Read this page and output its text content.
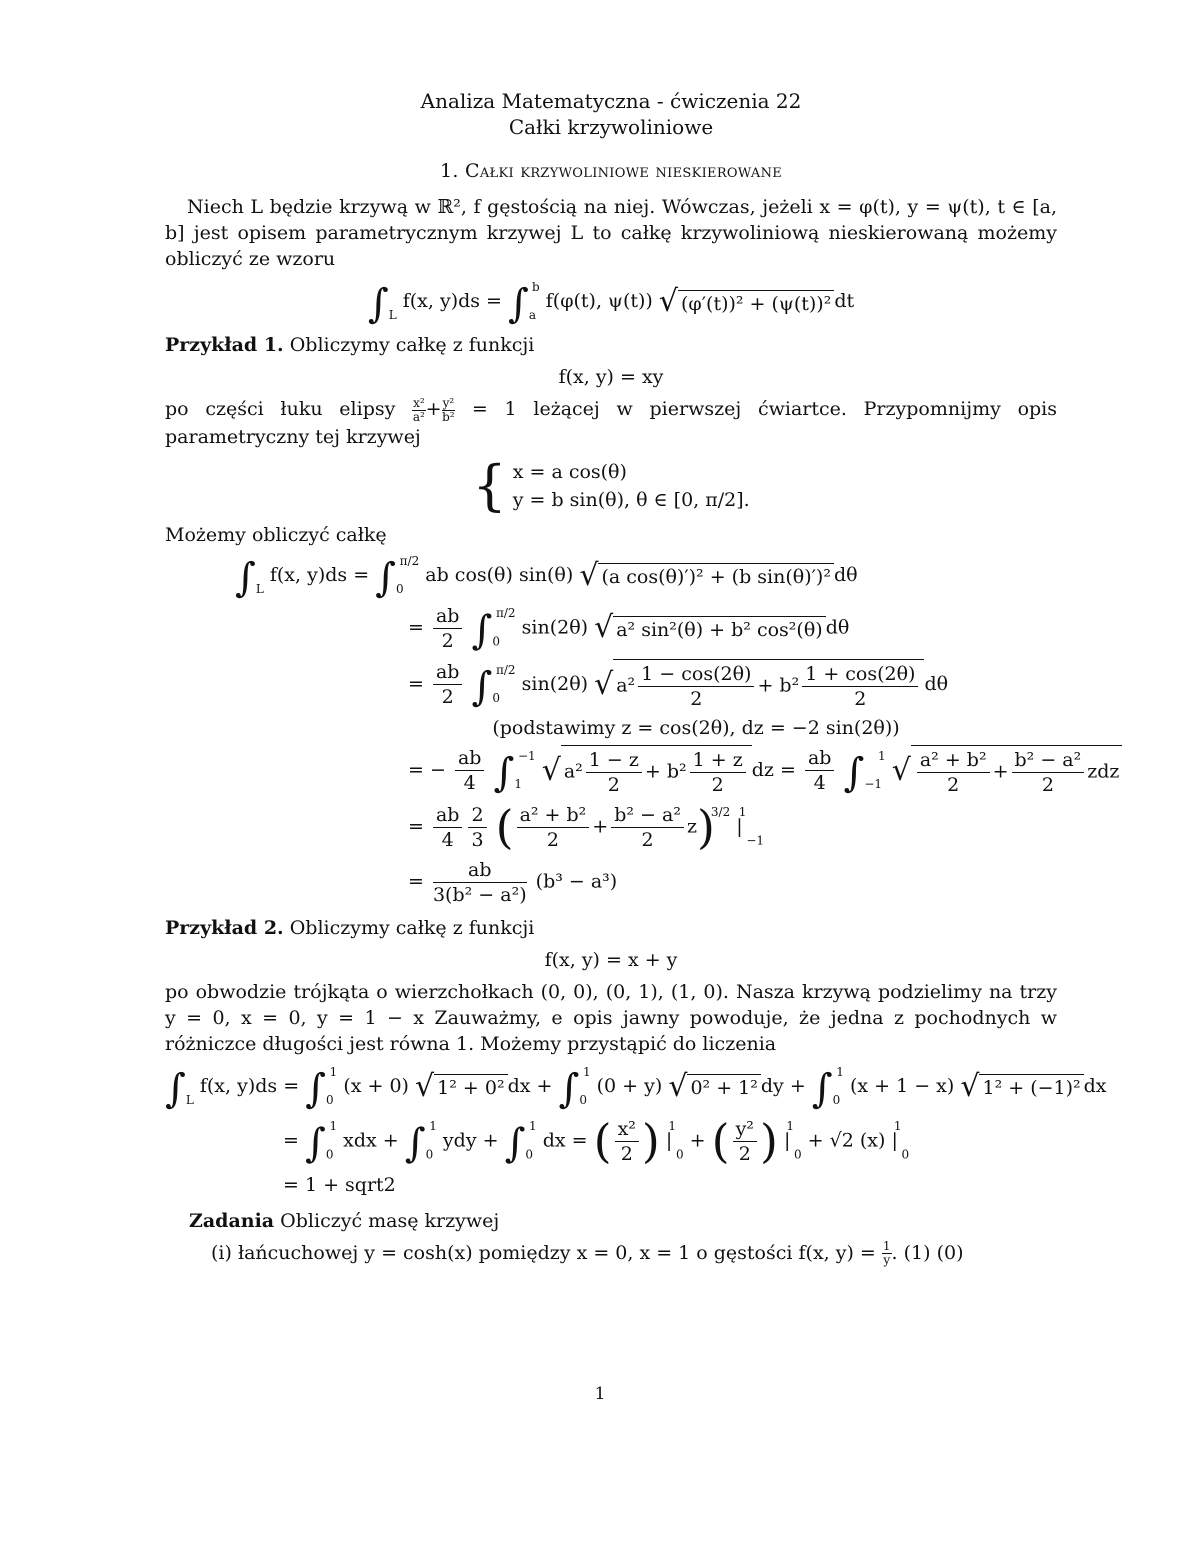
Analiza Matematyczna - ćwiczenia 22
Całki krzywoliniowe
1. Całki krzywoliniowe nieskierowane

Niech L będzie krzywą w ℝ², f gęstością na niej. Wówczas, jeżeli x = φ(t), y = ψ(t), t ∈ [a, b] jest opisem parametrycznym krzywej L to całkę krzywoliniową nieskierowaną możemy obliczyć ze wzoru

$\int_L$ f(x, $y)ds = \int_a^b$ f(φ(t), ψ(t)) √ (φ′(t))² + (ψ(t))² dt

Przykład 1. Obliczymy całkę z funkcji

f(x, y) = xy

po części łuku elipsy $\frac{\text{x²}}{\text{a²}} + \frac{\text{y²}}{\text{b²}} = 1$ leżącej w pierwszej ćwiartce. Przypomnijmy opis parametryczny tej krzywej

{ x = a cos(θ)
y = b sin(θ), θ ∈ [0, π/2].

Możemy obliczyć całkę

$\int_L$ f(x, $y)ds = \int_0^{\pi/2}$ ab cos(θ) sin(θ) √ (a cos(θ)′)² + (b sin(θ)′)² dθ
= $\frac{ab}{2} \int_0^{\pi/2}$ sin(2θ) √ a² sin²(θ) + b² cos²(θ) dθ
= $\frac{ab}{2} \int_0^{\pi/2}$ sin(2θ) √ $a^2 \frac{1 - \cos(2\theta)}{2} + b^2 \frac{1 + \cos(2\theta)}{2}$ dθ
(podstawimy z = cos(2θ), dz = −2 sin(2θ))
= − $\frac{ab}{4} \int_1^{-1}$ √ $a^2 \frac{1 - z}{2} + b^2 \frac{1 + z}{2}$ dz = $\frac{ab}{4} \int_{-1}^1$ √ $\frac{\text{a² + b²}}{2} + \frac{\text{b² − a²}}{2}$ zdz
= $\frac{ab}{4} \frac{2}{3}$ ( $\frac{\text{a² + b²}}{2} + \frac{\text{b² − a²}}{2} z)^{3/2}$ $|^1_{-1}$
= $\frac{ab}{\text{3(b² − a²)}} (b^3 - a^3)$

Przykład 2. Obliczymy całkę z funkcji

f(x, y) = x + y

po obwodzie trójkąta o wierzchołkach (0, 0), (0, 1), (1, 0). Nasza krzywą podzielimy na trzy y = 0, x = 0, y = 1 − x Zauważmy, e opis jawny powoduje, że jedna z pochodnych w różniczce długości jest równa 1. Możemy przystąpić do liczenia

$\int_L$ f(x, $y)ds = \int_0^1$ (x + 0) √ 1² + 0² dx + $\int_0^1$ (0 + y) √ 0² + 1² dy + $\int_0^1$ (x + 1 − x) √ 1² + (−1)² dx
= $\int_0^1$ xdx + $\int_0^1$ ydy + $\int_0^1$ dx = ( $\frac{\text{x²}}{2}$ ) $|^1_0$ + ( $\frac{\text{y²}}{2}$ ) $|^1_0 + √2$ (x) $|^1_0$
= 1 + sqrt2

Zadania Obliczyć masę krzywej

(i) łańcuchowej y = cosh(x) pomiędzy x = 0, x = 1 o gęstości f(x, $y) = \frac{1}{y}$ . (1) (0)

1
